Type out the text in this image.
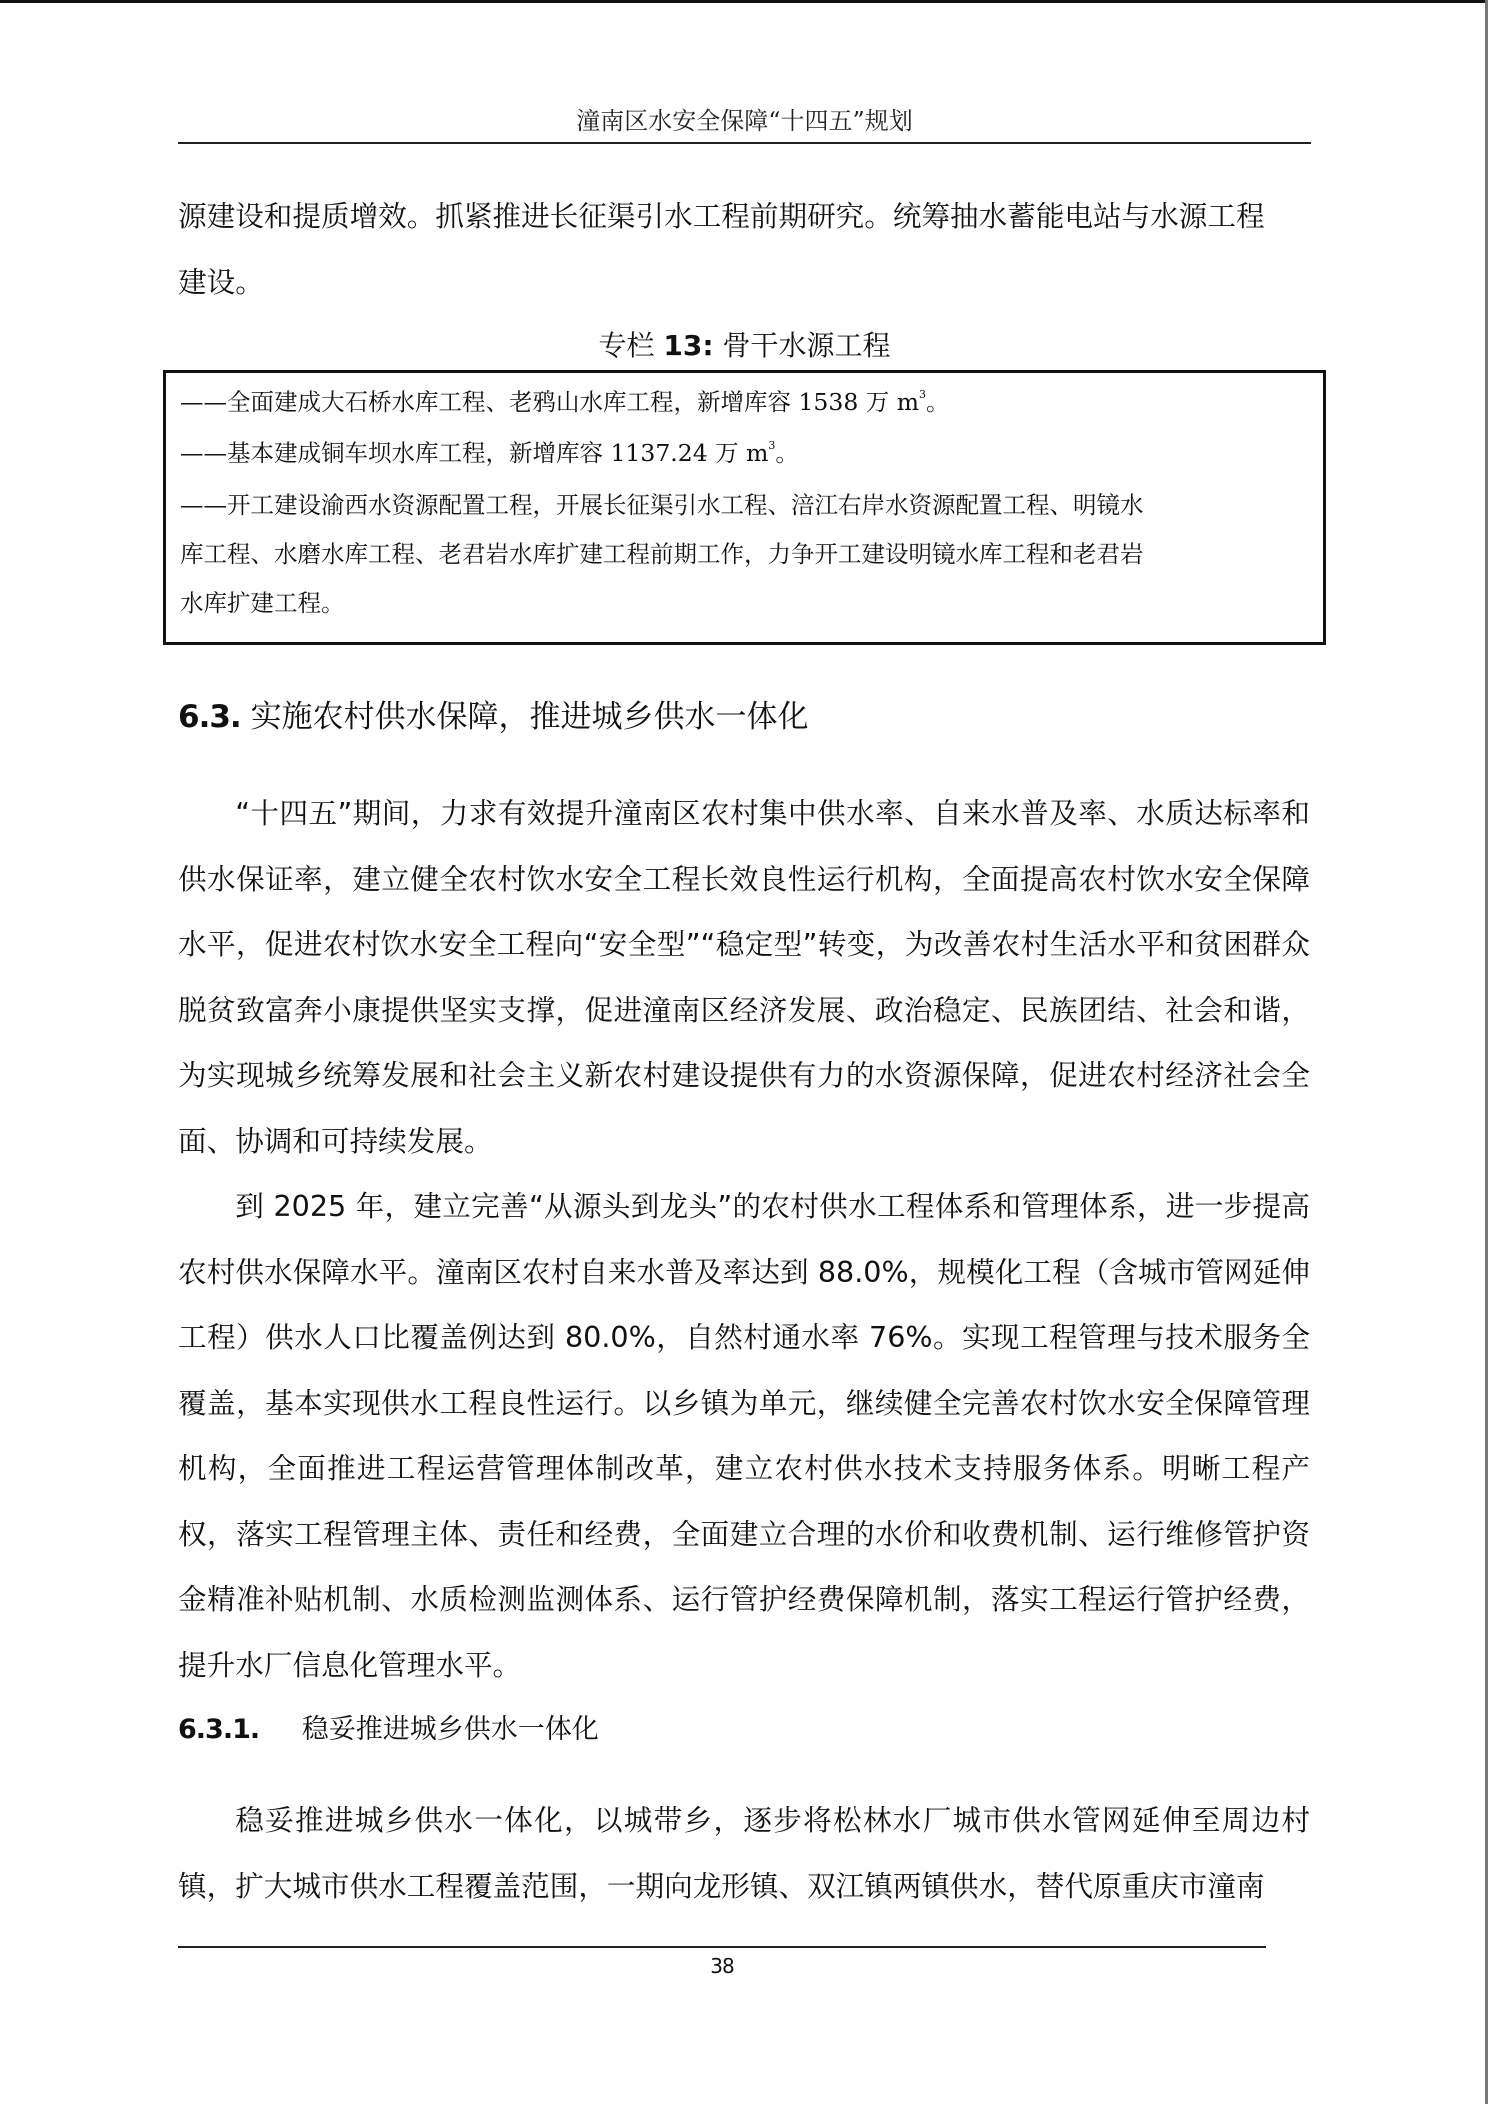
潼南区水安全保障“十四五”规划

源建设和提质增效。抓紧推进长征渠引水工程前期研究。统筹抽水蓄能电站与水源工程
建设。

专栏 13: 骨干水源工程

——全面建成大石桥水库工程、老鸦山水库工程，新增库容 1538 万 $m^3$。

——基本建成铜车坝水库工程，新增库容 1137.24 万 $m^3$。

——开工建设渝西水资源配置工程，开展长征渠引水工程、涪江右岸水资源配置工程、明镜水

库工程、水磨水库工程、老君岩水库扩建工程前期工作，力争开工建设明镜水库工程和老君岩

水库扩建工程。

6.3. 实施农村供水保障，推进城乡供水一体化

“十四五”期间，力求有效提升潼南区农村集中供水率、自来水普及率、水质达标率和供水保证率，建立健全农村饮水安全工程长效良性运行机构，全面提高农村饮水安全保障水平，促进农村饮水安全工程向“安全型”“稳定型”转变，为改善农村生活水平和贫困群众脱贫致富奔小康提供坚实支撑，促进潼南区经济发展、政治稳定、民族团结、社会和谐，为实现城乡统筹发展和社会主义新农村建设提供有力的水资源保障，促进农村经济社会全面、协调和可持续发展。

到 2025 年，建立完善“从源头到龙头”的农村供水工程体系和管理体系，进一步提高农村供水保障水平。潼南区农村自来水普及率达到 88.0%，规模化工程（含城市管网延伸工程）供水人口比覆盖例达到 80.0%，自然村通水率 76%。实现工程管理与技术服务全覆盖，基本实现供水工程良性运行。以乡镇为单元，继续健全完善农村饮水安全保障管理机构，全面推进工程运营管理体制改革，建立农村供水技术支持服务体系。明晰工程产权，落实工程管理主体、责任和经费，全面建立合理的水价和收费机制、运行维修管护资金精准补贴机制、水质检测监测体系、运行管护经费保障机制，落实工程运行管护经费，提升水厂信息化管理水平。

6.3.1. 稳妥推进城乡供水一体化

稳妥推进城乡供水一体化，以城带乡，逐步将松林水厂城市供水管网延伸至周边村镇，扩大城市供水工程覆盖范围，一期向龙形镇、双江镇两镇供水，替代原重庆市潼南

38
